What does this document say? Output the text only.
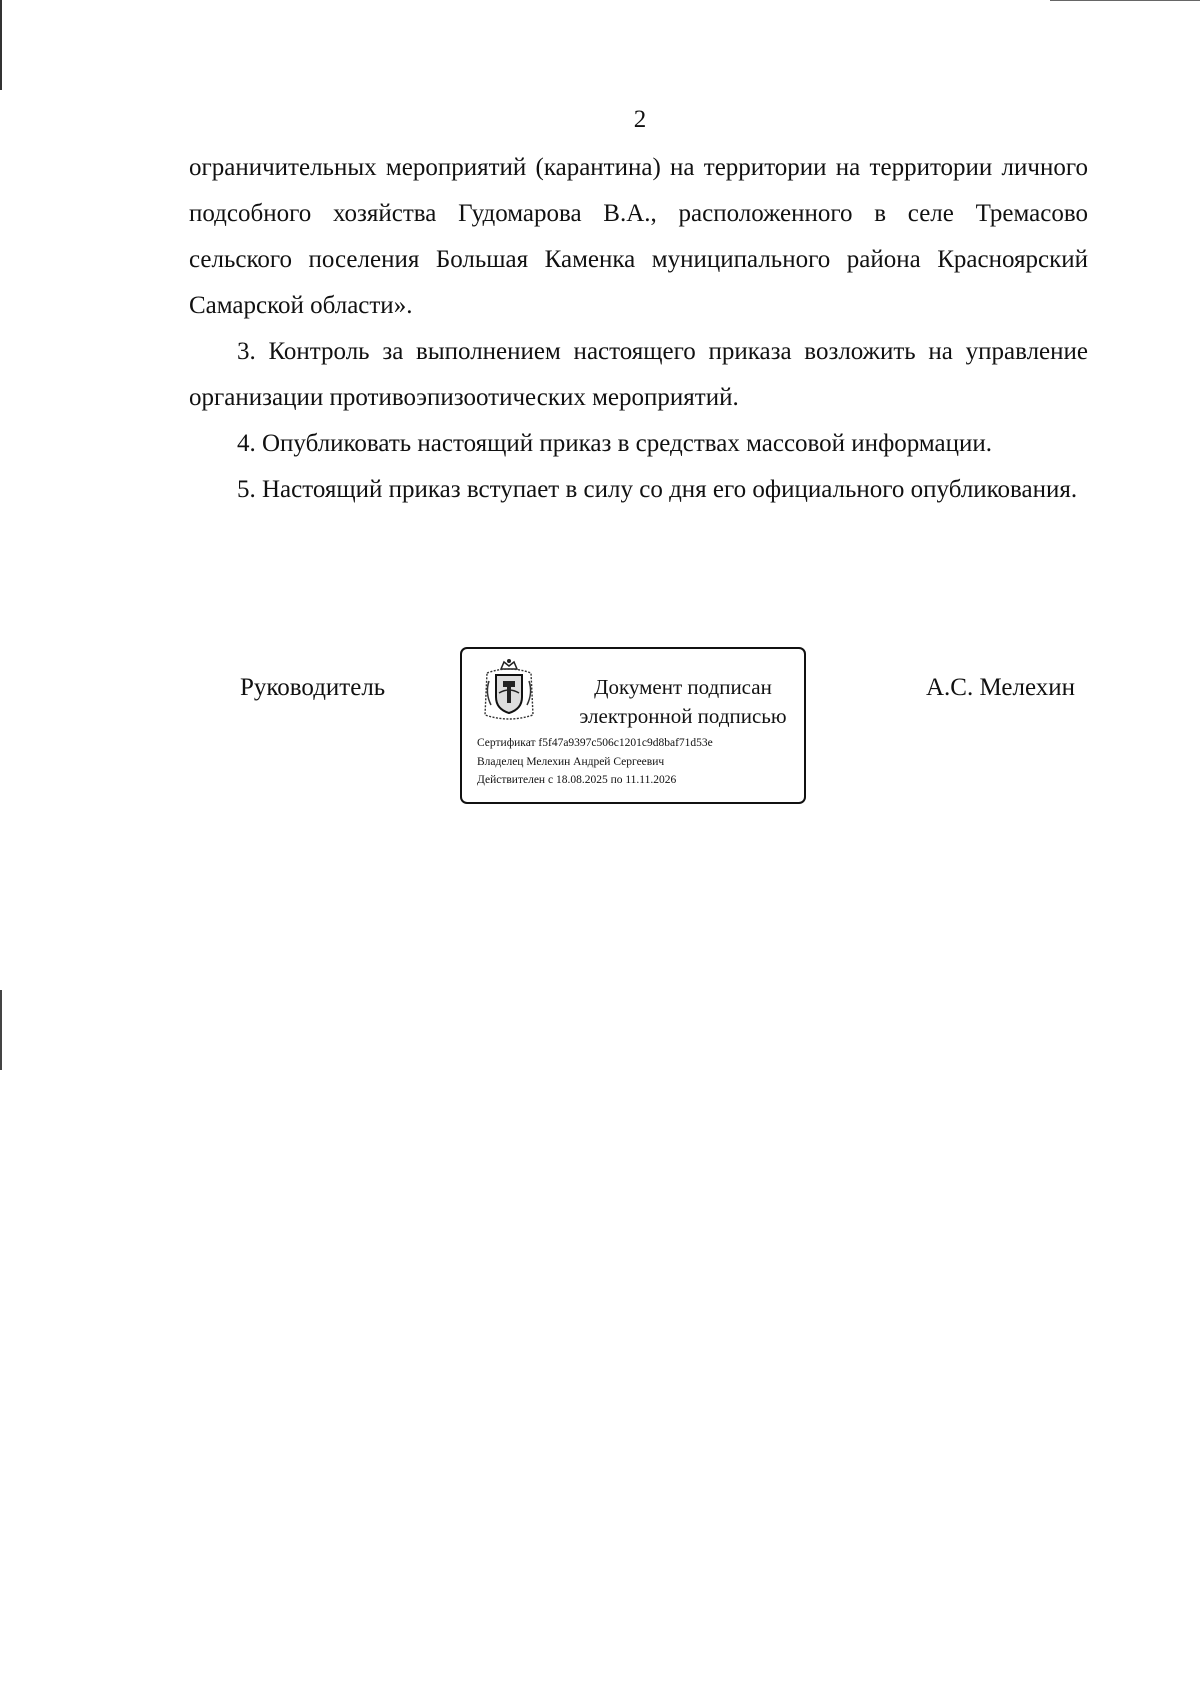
2

ограничительных мероприятий (карантина) на территории на территории личного подсобного хозяйства Гудомарова В.А., расположенного в селе Тремасово сельского поселения Большая Каменка муниципального района Красноярский Самарской области».

3. Контроль за выполнением настоящего приказа возложить на управление организации противоэпизоотических мероприятий.

4. Опубликовать настоящий приказ в средствах массовой информации.

5. Настоящий приказ вступает в силу со дня его официального опубликования.

Руководитель	Документ подписан
электронной подписью
Сертификат f5f47a9397c506c1201c9d8baf71d53e
Владелец Мелехин Андрей Сергеевич
Действителен с 18.08.2025 по 11.11.2026
А.С. Мелехин
